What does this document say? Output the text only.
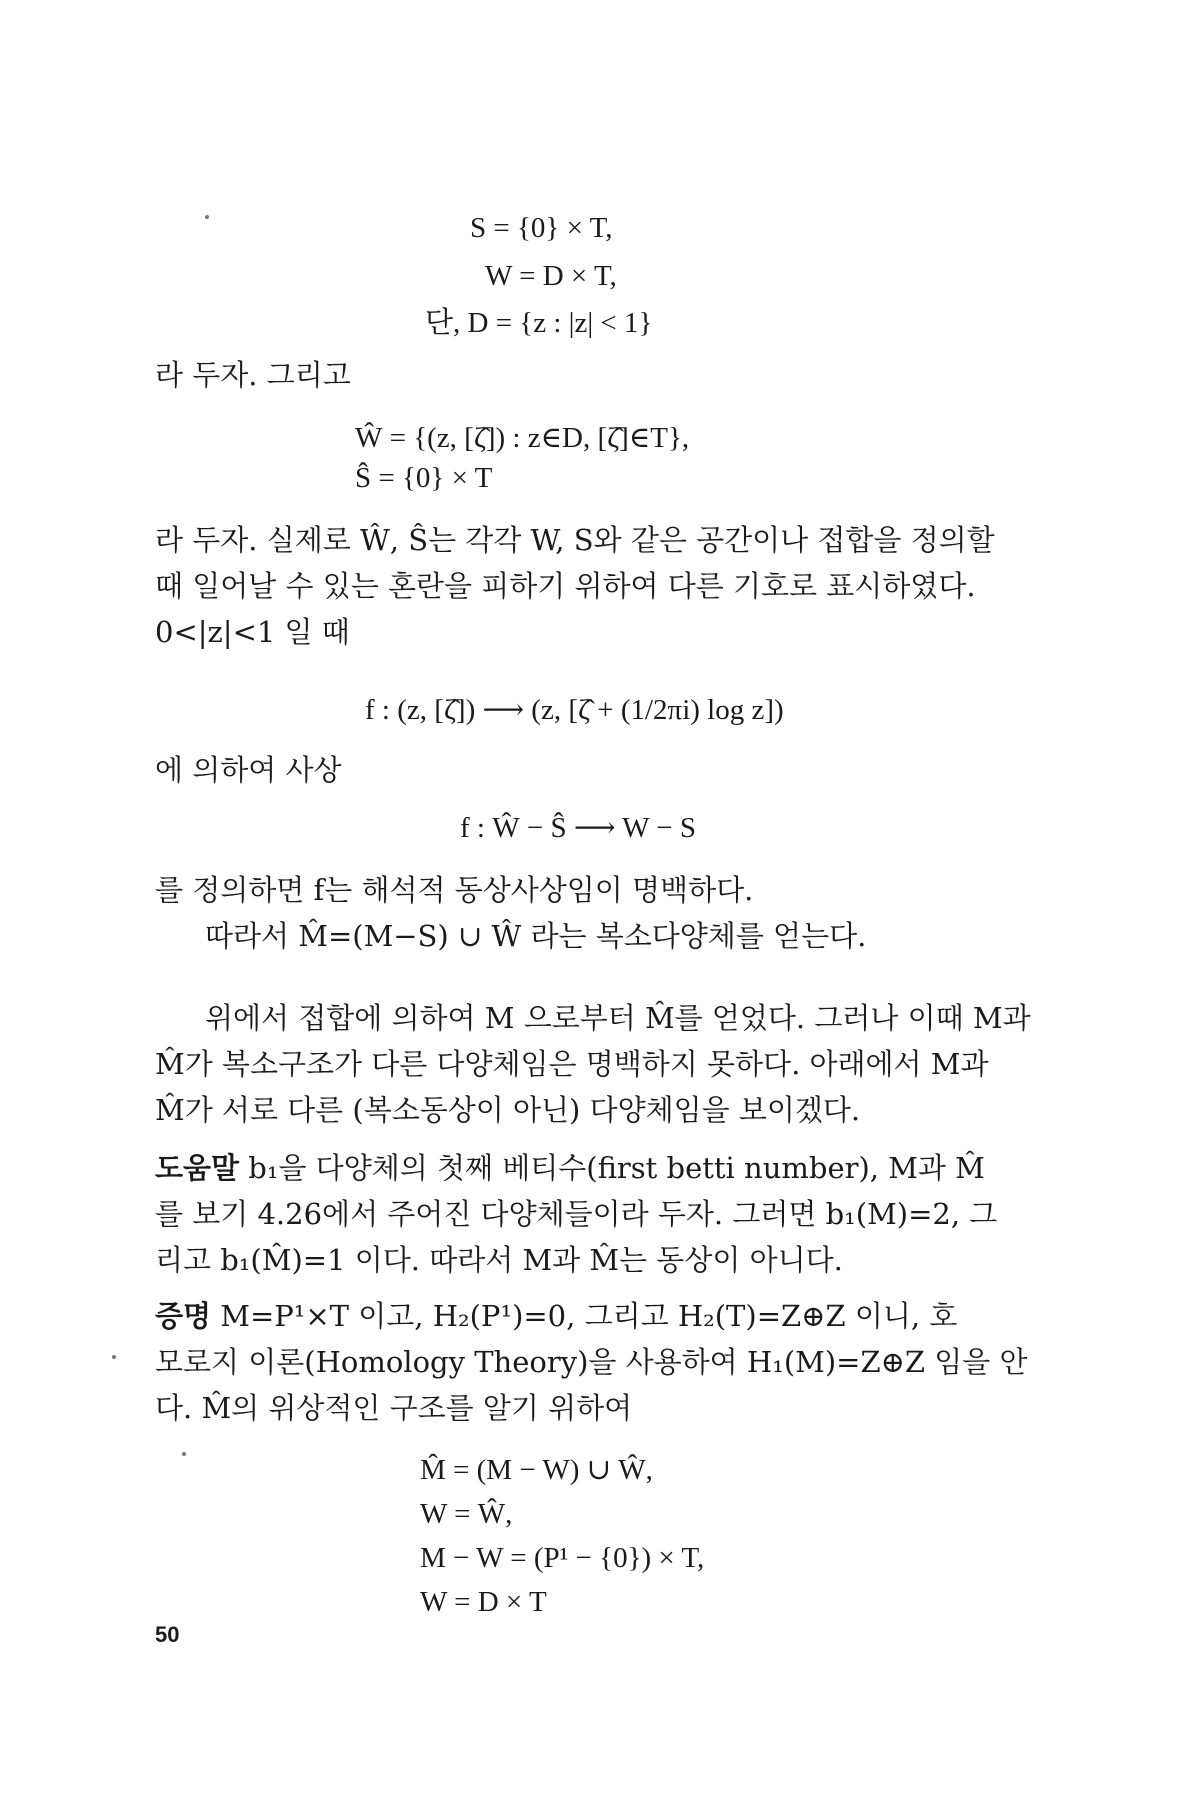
S = {0} × T,
W = D × T,
단, D = {z : |z| < 1}
라 두자. 그리고
Ŵ = {(z, [ζ̂]) : z∈D, [ζ̂]∈T},
Ŝ = {0} × T
라 두자. 실제로 Ŵ, Ŝ는 각각 W, S와 같은 공간이나 접합을 정의할
때 일어날 수 있는 혼란을 피하기 위하여 다른 기호로 표시하였다.
0<|z|<1 일 때
f : (z, [ζ̂]) ⟶ (z, [ζ̂ + (1/2πi) log z])
에 의하여 사상
f : Ŵ − Ŝ ⟶ W − S
를 정의하면 f는 해석적 동상사상임이 명백하다.
따라서 M̂=(M−S) ∪ Ŵ 라는 복소다양체를 얻는다.
위에서 접합에 의하여 M 으로부터 M̂를 얻었다. 그러나 이때 M과
M̂가 복소구조가 다른 다양체임은 명백하지 못하다. 아래에서 M과
M̂가 서로 다른 (복소동상이 아닌) 다양체임을 보이겠다.
도움말 b₁을 다양체의 첫째 베티수(first betti number), M과 M̂
를 보기 4.26에서 주어진 다양체들이라 두자. 그러면 b₁(M)=2, 그
리고 b₁(M̂)=1 이다. 따라서 M과 M̂는 동상이 아니다.
증명 M=P¹×T 이고, H₂(P¹)=0, 그리고 H₂(T)=Z⊕Z 이니, 호
모로지 이론(Homology Theory)을 사용하여 H₁(M)=Z⊕Z 임을 안
다. M̂의 위상적인 구조를 알기 위하여
M̂ = (M − W) ∪ Ŵ,
W = Ŵ,
M − W = (P¹ − {0}) × T,
W = D × T
50
